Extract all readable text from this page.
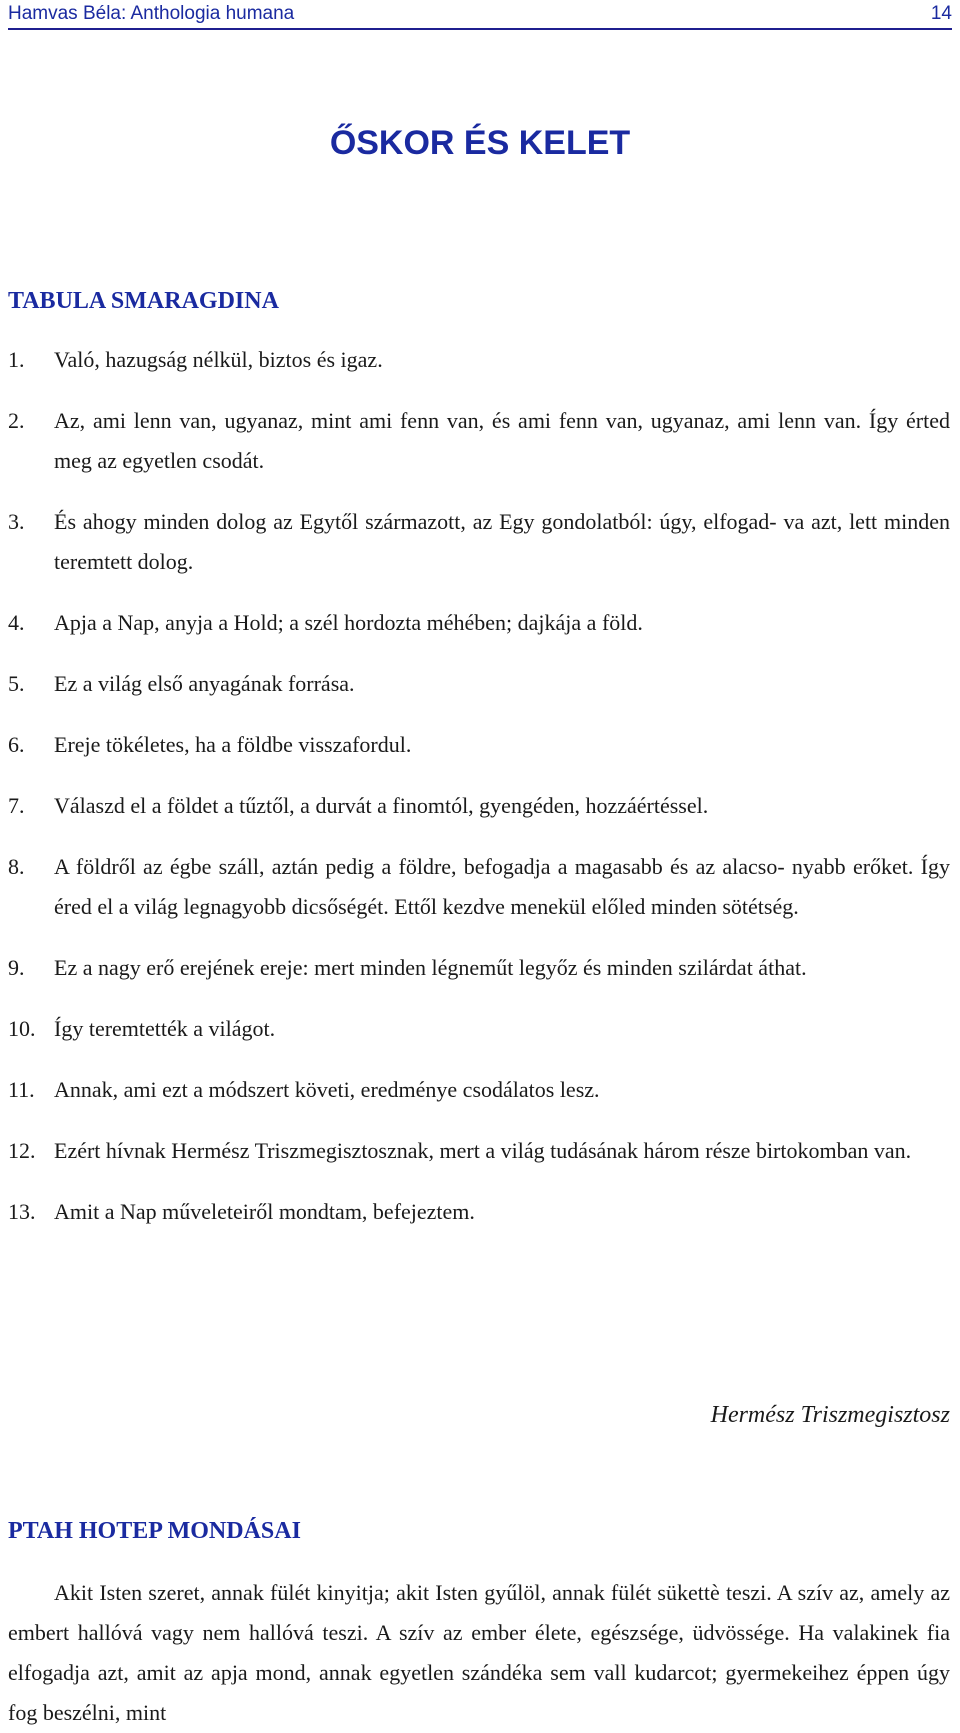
Hamvas Béla: Anthologia humana	14
ŐSKOR ÉS KELET
TABULA SMARAGDINA
1.	Való, hazugság nélkül, biztos és igaz.
2.	Az, ami lenn van, ugyanaz, mint ami fenn van, és ami fenn van, ugyanaz, ami lenn van. Így érted meg az egyetlen csodát.
3.	És ahogy minden dolog az Egytől származott, az Egy gondolatból: úgy, elfogad- va azt, lett minden teremtett dolog.
4.	Apja a Nap, anyja a Hold; a szél hordozta méhében; dajkája a föld.
5.	Ez a világ első anyagának forrása.
6.	Ereje tökéletes, ha a földbe visszafordul.
7.	Válaszd el a földet a tűztől, a durvát a finomtól, gyengéden, hozzáértéssel.
8.	A földről az égbe száll, aztán pedig a földre, befogadja a magasabb és az alacso- nyabb erőket. Így éred el a világ legnagyobb dicsőségét. Ettől kezdve menekül előled minden sötétség.
9.	Ez a nagy erő erejének ereje: mert minden légneműt legyőz és minden szilárdat áthat.
10. Így teremtették a világot.
11. Annak, ami ezt a módszert követi, eredménye csodálatos lesz.
12. Ezért hívnak Hermész Triszmegisztosznak, mert a világ tudásának három része birtokomban van.
13. Amit a Nap műveleteiről mondtam, befejeztem.
Hermész Triszmegisztosz
PTAH HOTEP MONDÁSAI

Akit Isten szeret, annak fülét kinyitja; akit Isten gyűlöl, annak fülét sükettè teszi. A szív az, amely az embert hallóvá vagy nem hallóvá teszi. A szív az ember élete, egészsége, üdvössége. Ha valakinek fia elfogadja azt, amit az apja mond, annak egyetlen szándéka sem vall kudarcot; gyermekeihez éppen úgy fog beszélni, mint
